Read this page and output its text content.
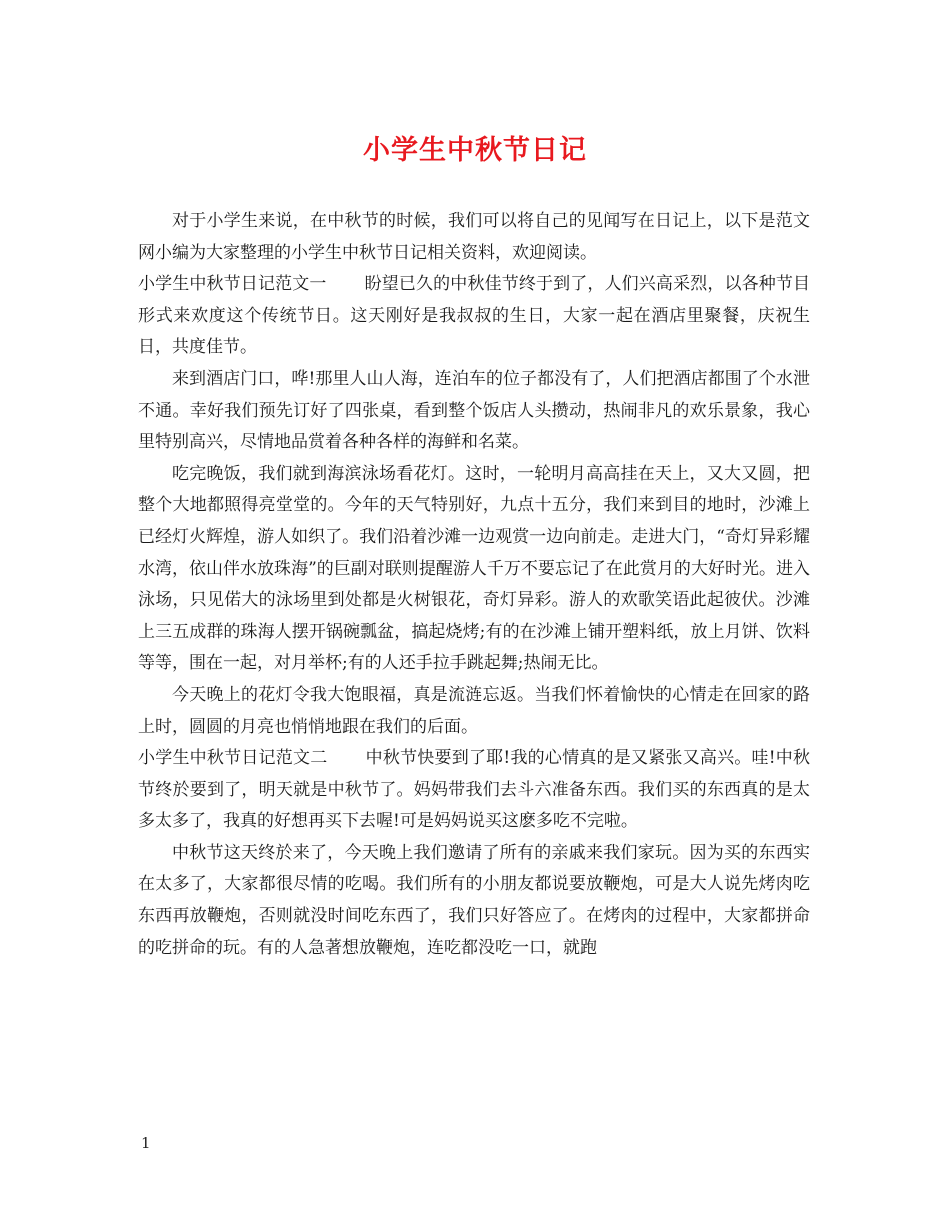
小学生中秋节日记

对于小学生来说，在中秋节的时候，我们可以将自己的见闻写在日记上，以下是范文网小编为大家整理的小学生中秋节日记相关资料，欢迎阅读。

小学生中秋节日记范文一 盼望已久的中秋佳节终于到了，人们兴高采烈，以各种节目形式来欢度这个传统节日。这天刚好是我叔叔的生日，大家一起在酒店里聚餐，庆祝生日，共度佳节。

来到酒店门口，哗!那里人山人海，连泊车的位子都没有了，人们把酒店都围了个水泄不通。幸好我们预先订好了四张桌，看到整个饭店人头攒动，热闹非凡的欢乐景象，我心里特别高兴，尽情地品赏着各种各样的海鲜和名菜。

吃完晚饭，我们就到海滨泳场看花灯。这时，一轮明月高高挂在天上，又大又圆，把整个大地都照得亮堂堂的。今年的天气特别好，九点十五分，我们来到目的地时，沙滩上已经灯火辉煌，游人如织了。我们沿着沙滩一边观赏一边向前走。走进大门，“奇灯异彩耀水湾，依山伴水放珠海”的巨副对联则提醒游人千万不要忘记了在此赏月的大好时光。进入泳场，只见偌大的泳场里到处都是火树银花，奇灯异彩。游人的欢歌笑语此起彼伏。沙滩上三五成群的珠海人摆开锅碗瓢盆，搞起烧烤;有的在沙滩上铺开塑料纸，放上月饼、饮料等等，围在一起，对月举杯;有的人还手拉手跳起舞;热闹无比。

今天晚上的花灯令我大饱眼福，真是流涟忘返。当我们怀着愉快的心情走在回家的路上时，圆圆的月亮也悄悄地跟在我们的后面。

小学生中秋节日记范文二 中秋节快要到了耶!我的心情真的是又紧张又高兴。哇!中秋节终於要到了，明天就是中秋节了。妈妈带我们去斗六准备东西。我们买的东西真的是太多太多了，我真的好想再买下去喔!可是妈妈说买这麽多吃不完啦。

中秋节这天终於来了，今天晚上我们邀请了所有的亲戚来我们家玩。因为买的东西实在太多了，大家都很尽情的吃喝。我们所有的小朋友都说要放鞭炮，可是大人说先烤肉吃东西再放鞭炮，否则就没时间吃东西了，我们只好答应了。在烤肉的过程中，大家都拼命的吃拼命的玩。有的人急著想放鞭炮，连吃都没吃一口，就跑

1
